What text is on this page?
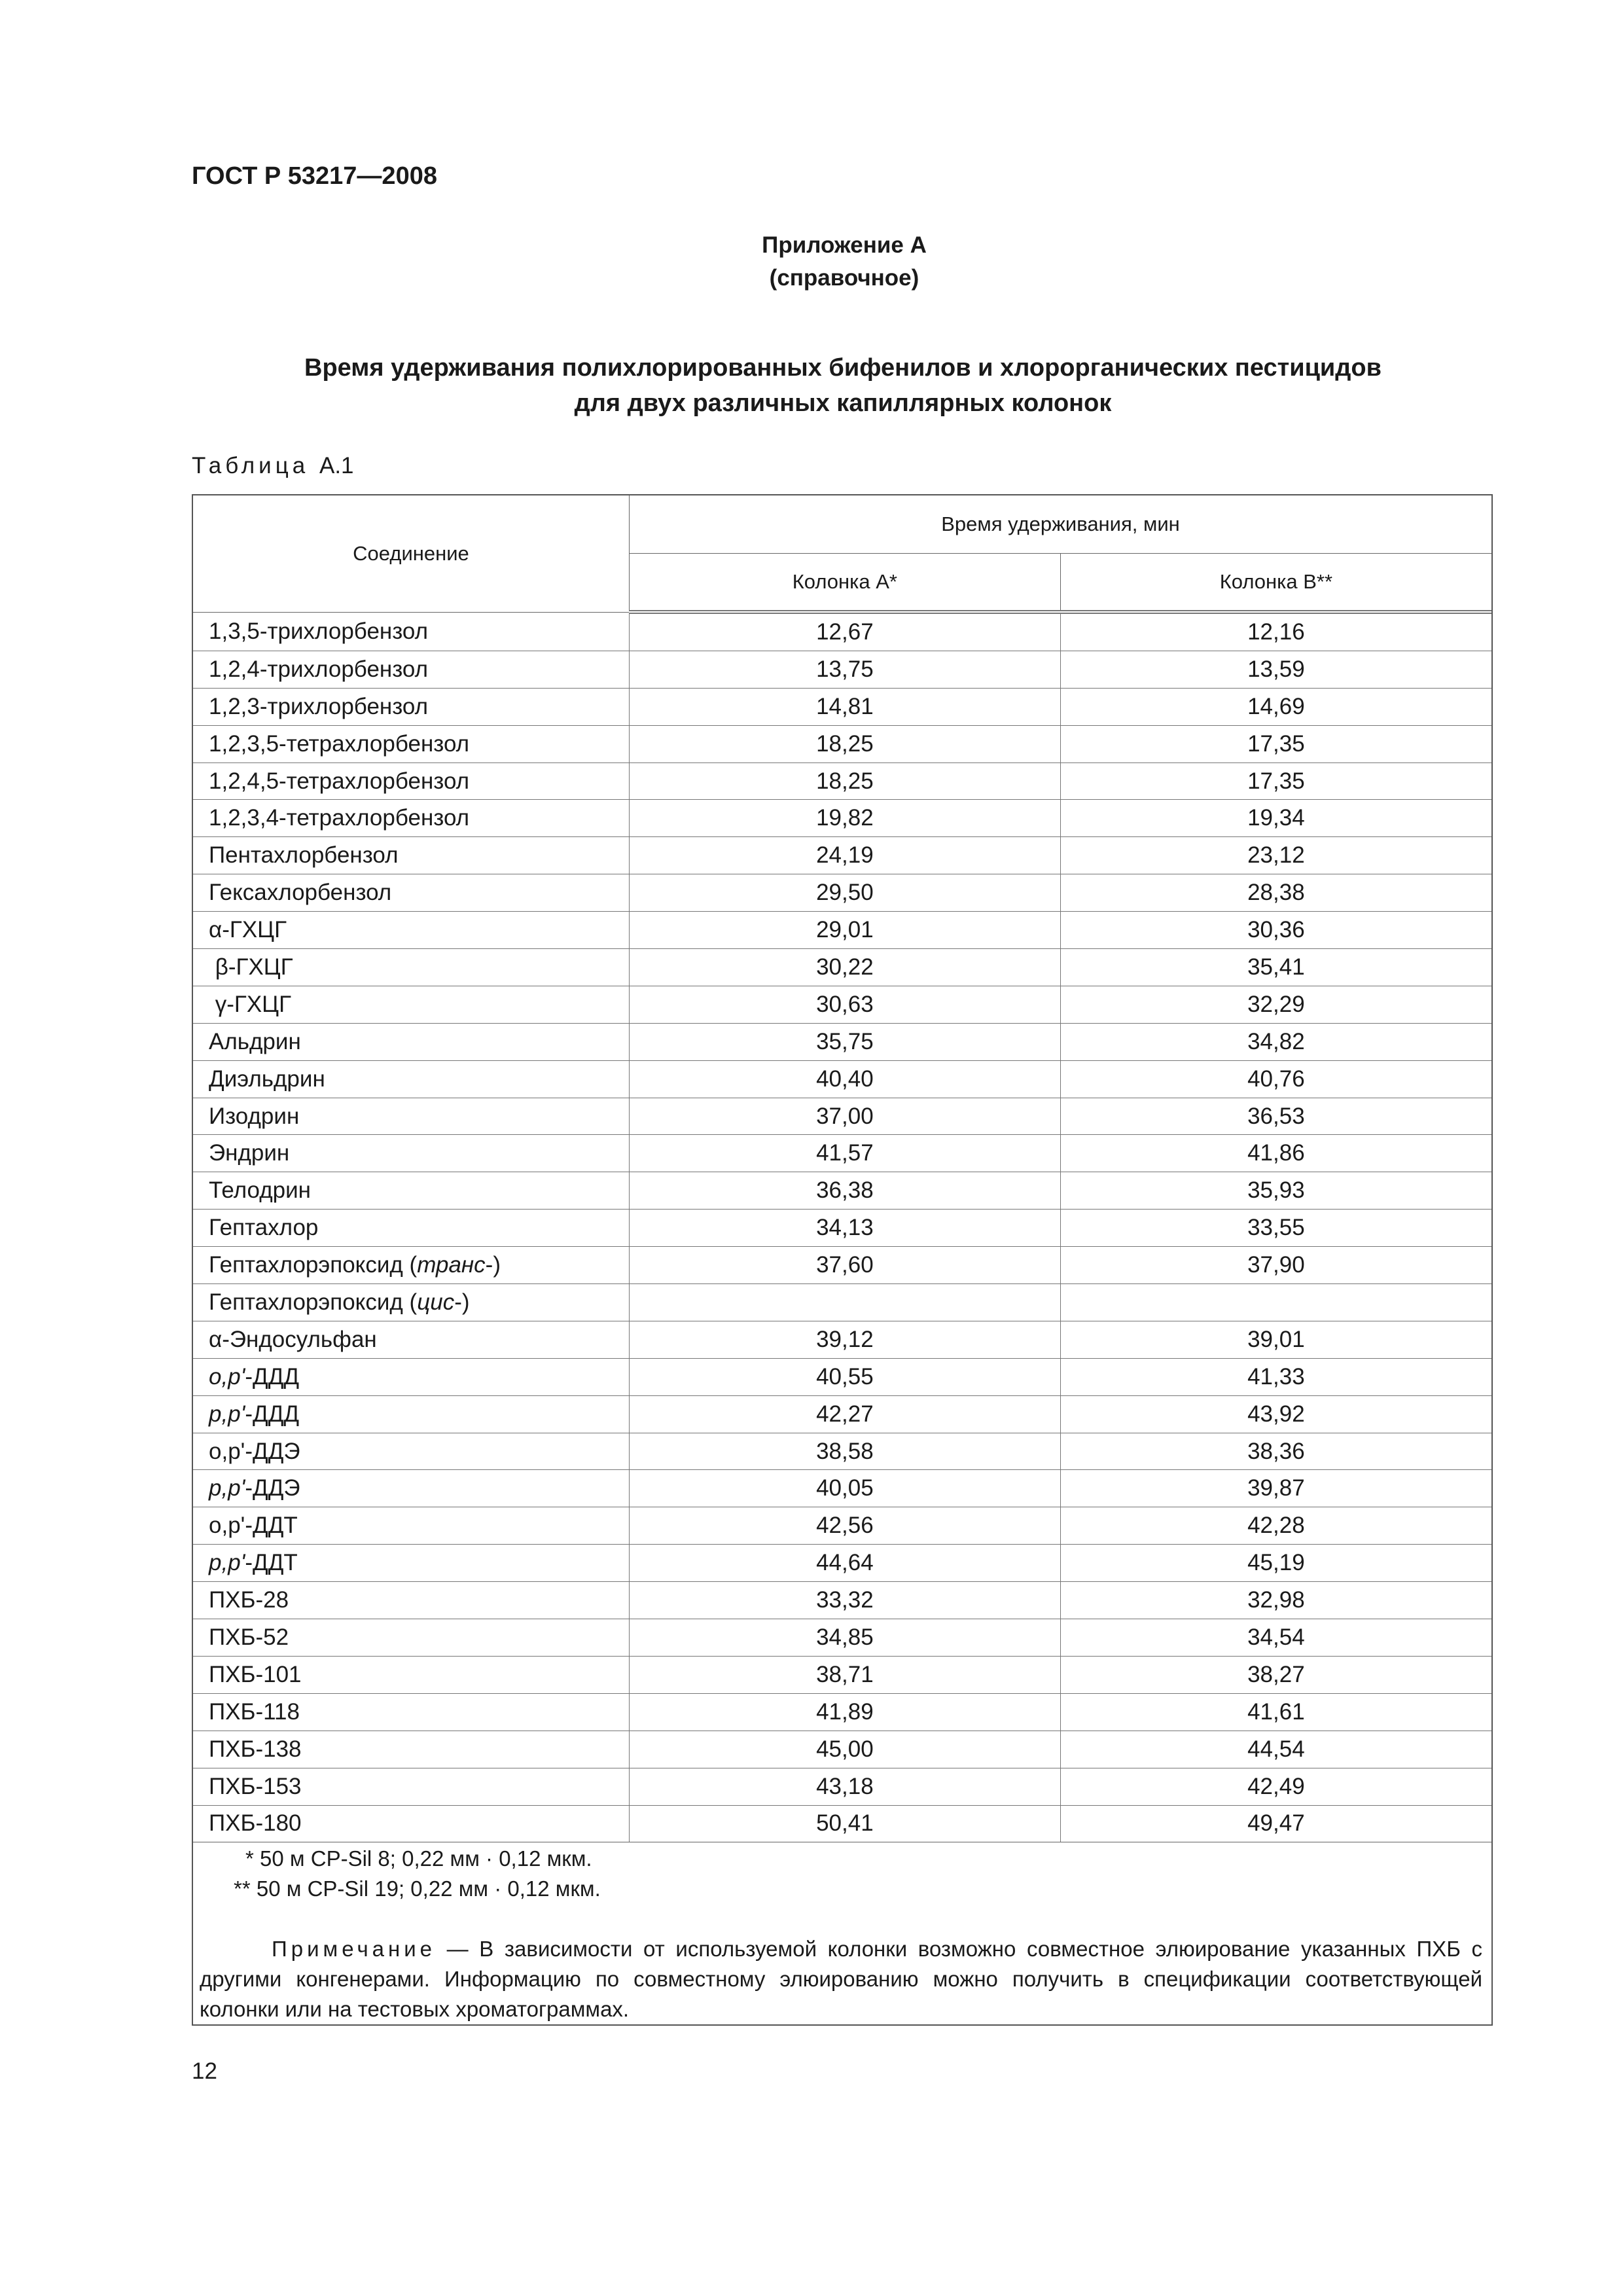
ГОСТ Р 53217—2008
Приложение А
(справочное)
Время удерживания полихлорированных бифенилов и хлорорганических пестицидов
для двух различных капиллярных колонок
Таблица А.1
Соединение	Время удерживания, мин	
	Колонка А*	Колонка В**
1,3,5-трихлорбензол	12,67	12,16
1,2,4-трихлорбензол	13,75	13,59
1,2,3-трихлорбензол	14,81	14,69
1,2,3,5-тетрахлорбензол	18,25	17,35
1,2,4,5-тетрахлорбензол	18,25	17,35
1,2,3,4-тетрахлорбензол	19,82	19,34
Пентахлорбензол	24,19	23,12
Гексахлорбензол	29,50	28,38
α-ГХЦГ	29,01	30,36
β-ГХЦГ	30,22	35,41
γ-ГХЦГ	30,63	32,29
Альдрин	35,75	34,82
Диэльдрин	40,40	40,76
Изодрин	37,00	36,53
Эндрин	41,57	41,86
Телодрин	36,38	35,93
Гептахлор	34,13	33,55
Гептахлорэпоксид (транс-)	37,60	37,90
Гептахлорэпоксид (цис-)		
α-Эндосульфан	39,12	39,01
o,p'-ДДД	40,55	41,33
p,p'-ДДД	42,27	43,92
o,p'-ДДЭ	38,58	38,36
p,p'-ДДЭ	40,05	39,87
o,p'-ДДТ	42,56	42,28
p,p'-ДДТ	44,64	45,19
ПХБ-28	33,32	32,98
ПХБ-52	34,85	34,54
ПХБ-101	38,71	38,27
ПХБ-118	41,89	41,61
ПХБ-138	45,00	44,54
ПХБ-153	43,18	42,49
ПХБ-180	50,41	49,47
* 50 м CP-Sil 8; 0,22 мм · 0,12 мкм.
** 50 м CP-Sil 19; 0,22 мм · 0,12 мкм.
Примечание — В зависимости от используемой колонки возможно совместное элюирование указанных ПХБ с другими конгенерами. Информацию по совместному элюированию можно получить в спецификации соответствующей колонки или на тестовых хроматограммах.
12
